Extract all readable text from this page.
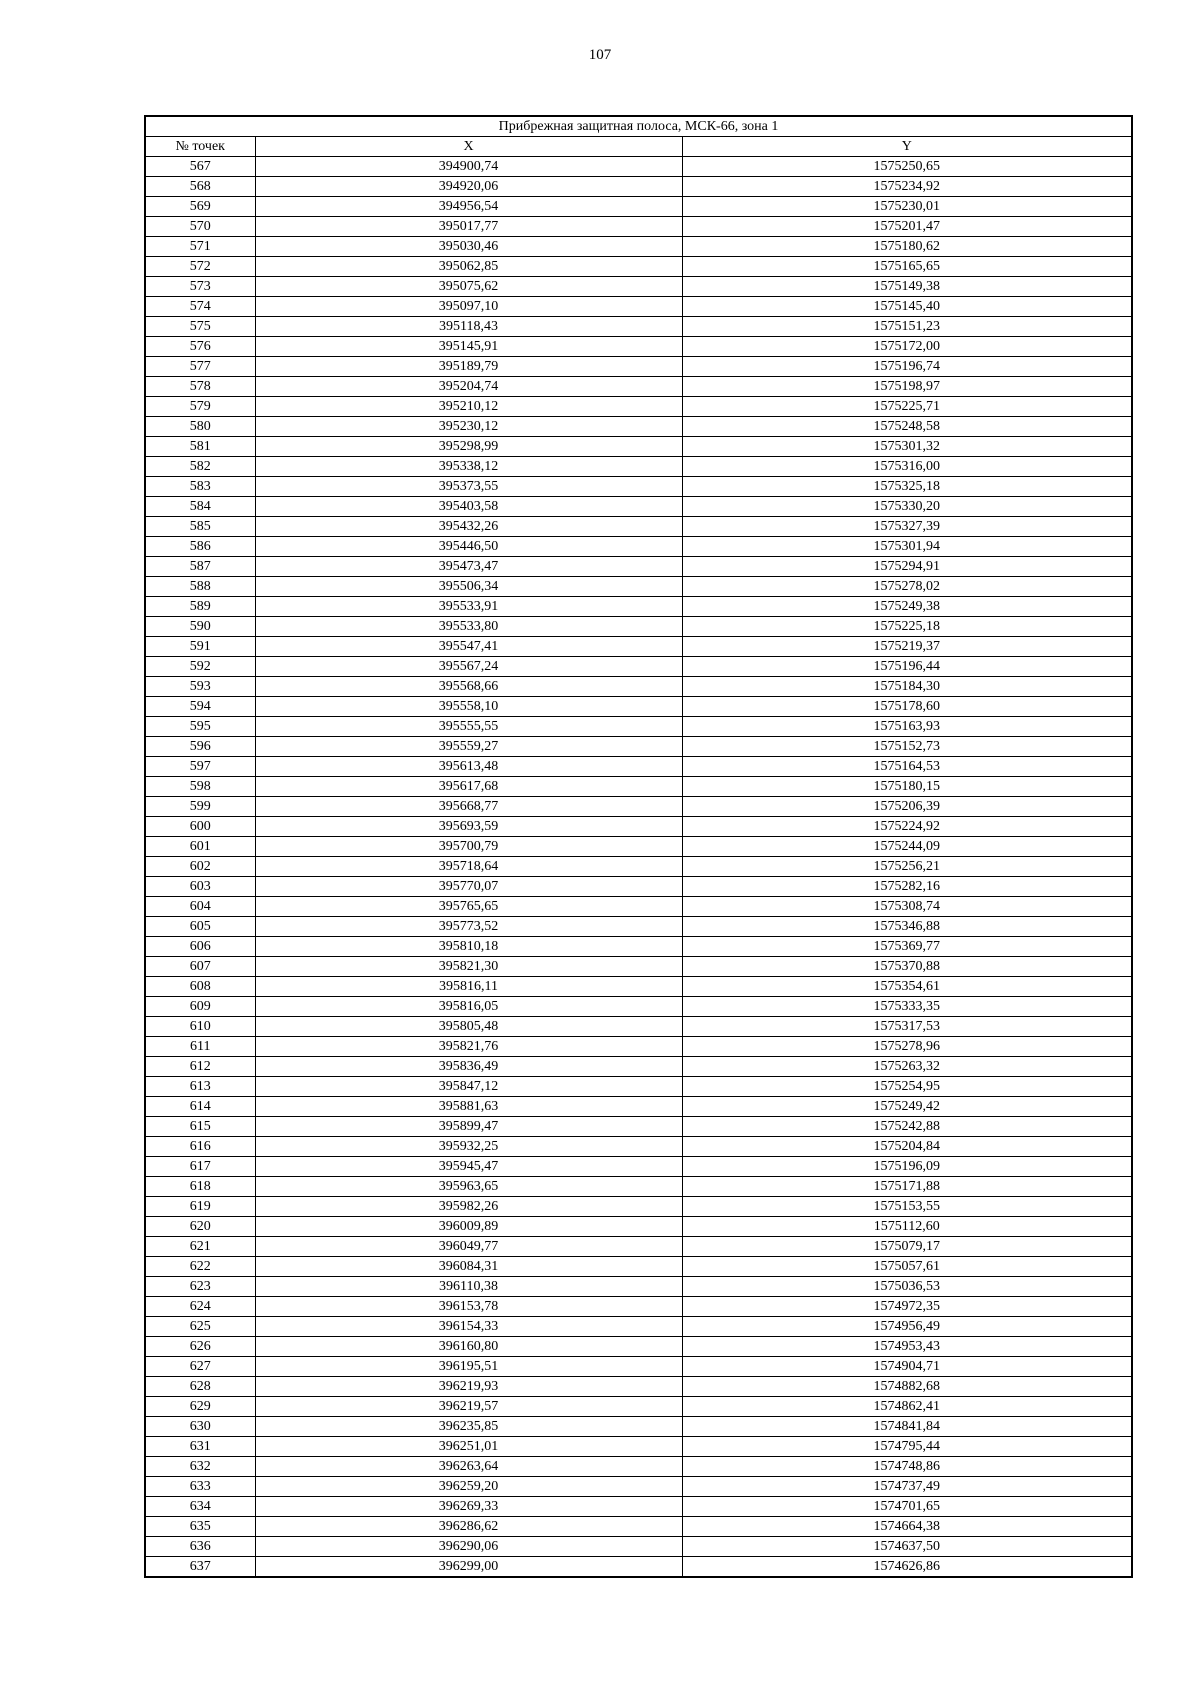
107
Прибрежная защитная полоса, МСК-66, зона 1		
№ точек	X	Y
567	394900,74	1575250,65
568	394920,06	1575234,92
569	394956,54	1575230,01
570	395017,77	1575201,47
571	395030,46	1575180,62
572	395062,85	1575165,65
573	395075,62	1575149,38
574	395097,10	1575145,40
575	395118,43	1575151,23
576	395145,91	1575172,00
577	395189,79	1575196,74
578	395204,74	1575198,97
579	395210,12	1575225,71
580	395230,12	1575248,58
581	395298,99	1575301,32
582	395338,12	1575316,00
583	395373,55	1575325,18
584	395403,58	1575330,20
585	395432,26	1575327,39
586	395446,50	1575301,94
587	395473,47	1575294,91
588	395506,34	1575278,02
589	395533,91	1575249,38
590	395533,80	1575225,18
591	395547,41	1575219,37
592	395567,24	1575196,44
593	395568,66	1575184,30
594	395558,10	1575178,60
595	395555,55	1575163,93
596	395559,27	1575152,73
597	395613,48	1575164,53
598	395617,68	1575180,15
599	395668,77	1575206,39
600	395693,59	1575224,92
601	395700,79	1575244,09
602	395718,64	1575256,21
603	395770,07	1575282,16
604	395765,65	1575308,74
605	395773,52	1575346,88
606	395810,18	1575369,77
607	395821,30	1575370,88
608	395816,11	1575354,61
609	395816,05	1575333,35
610	395805,48	1575317,53
611	395821,76	1575278,96
612	395836,49	1575263,32
613	395847,12	1575254,95
614	395881,63	1575249,42
615	395899,47	1575242,88
616	395932,25	1575204,84
617	395945,47	1575196,09
618	395963,65	1575171,88
619	395982,26	1575153,55
620	396009,89	1575112,60
621	396049,77	1575079,17
622	396084,31	1575057,61
623	396110,38	1575036,53
624	396153,78	1574972,35
625	396154,33	1574956,49
626	396160,80	1574953,43
627	396195,51	1574904,71
628	396219,93	1574882,68
629	396219,57	1574862,41
630	396235,85	1574841,84
631	396251,01	1574795,44
632	396263,64	1574748,86
633	396259,20	1574737,49
634	396269,33	1574701,65
635	396286,62	1574664,38
636	396290,06	1574637,50
637	396299,00	1574626,86
